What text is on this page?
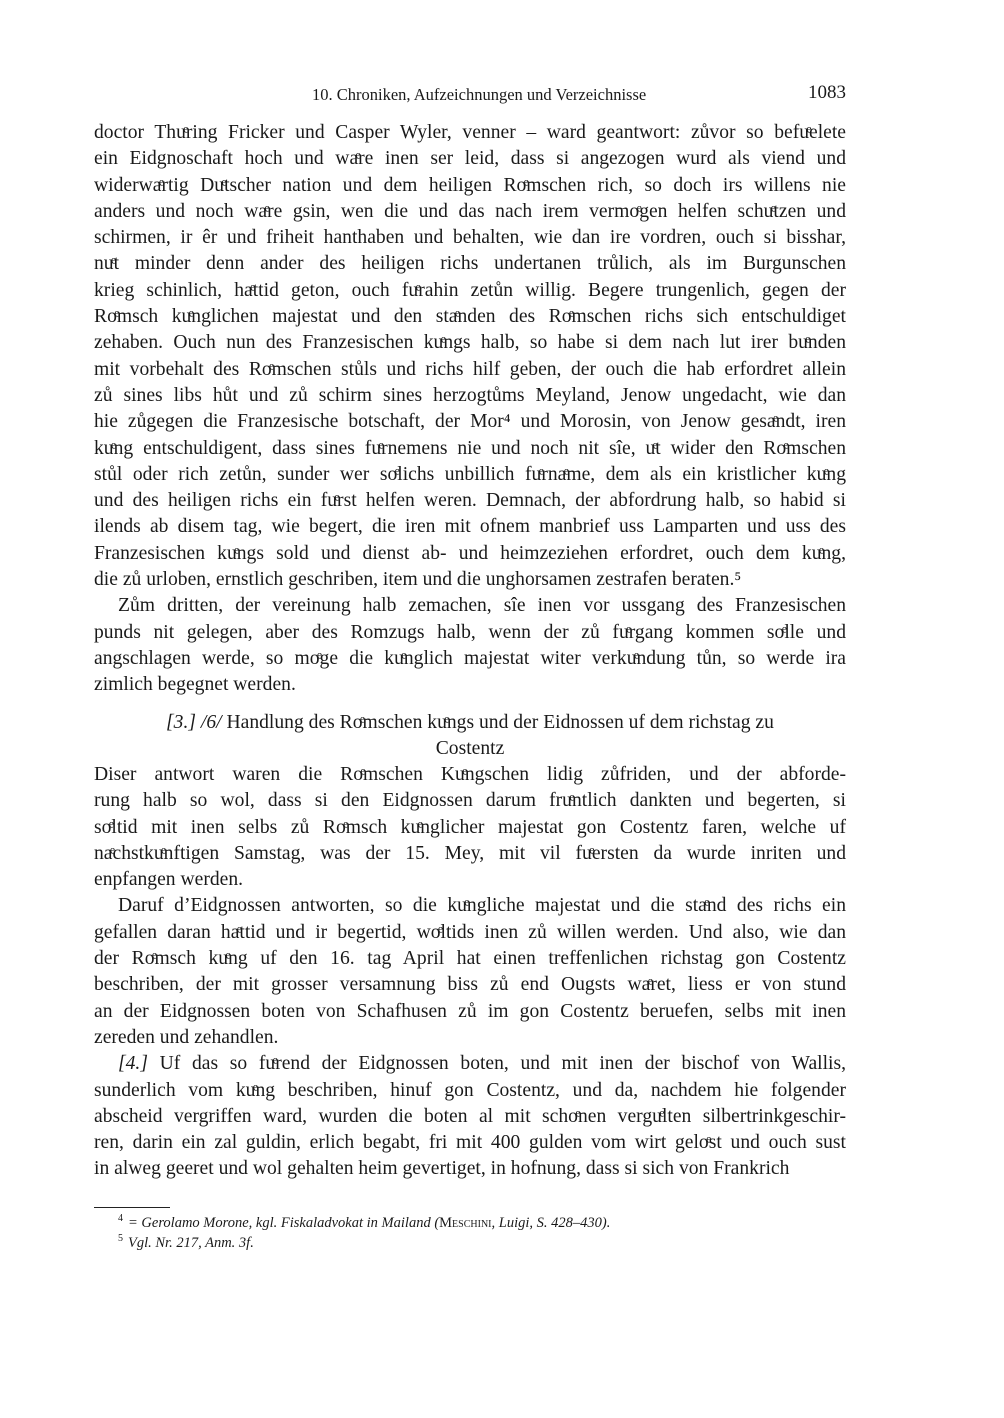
10. Chroniken, Aufzeichnungen und Verzeichnisse	1083
doctor Thuͤring Fricker und Casper Wyler, venner – ward geantwort: zůvor so befuͤelete
ein Eidgnoschaft hoch und waͤre inen ser leid, dass si angezogen wurd als viend und
widerwaͤrtig Duͤtscher nation und dem heiligen Roͤmschen rich, so doch irs willens nie
anders und noch waͤre gsin, wen die und das nach irem vermoͤgen helfen schuͤtzen und
schirmen, ir êr und friheit hanthaben und behalten, wie dan ire vordren, ouch si bisshar,
nuͤt minder denn ander des heiligen richs undertanen trůlich, als im Burgunschen
krieg schinlich, haͤttid geton, ouch fuͤrahin zetůn willig. Begere trungenlich, gegen der
Roͤmsch kuͤnglichen majestat und den staͤnden des Roͤmschen richs sich entschuldiget
zehaben. Ouch nun des Franzesischen kuͤngs halb, so habe si dem nach lut irer buͤnden
mit vorbehalt des Roͤmschen stůls und richs hilf geben, der ouch die hab erfordret allein
zů sines libs hůt und zů schirm sines herzogtůms Meyland, Jenow ungedacht, wie dan
hie zůgegen die Franzesische botschaft, der Mor⁴ und Morosin, von Jenow gesaͤndt, iren
kuͤng entschuldigent, dass sines fuͤrnemens nie und noch nit sîe, uͤt wider den Roͤmschen
stůl oder rich zetůn, sunder wer soͤlichs unbillich fuͤrnaͤme, dem als ein kristlicher kuͤng
und des heiligen richs ein fuͤrst helfen weren. Demnach, der abfordrung halb, so habid si
ilends ab disem tag, wie begert, die iren mit ofnem manbrief uss Lamparten und uss des
Franzesischen kuͤngs sold und dienst ab- und heimzeziehen erfordret, ouch dem kuͤng,
die zů urloben, ernstlich geschriben, item und die unghorsamen zestrafen beraten.⁵
Zům dritten, der vereinung halb zemachen, sîe inen vor ussgang des Franzesischen
punds nit gelegen, aber des Romzugs halb, wenn der zů fuͤrgang kommen soͤlle und
angschlagen werde, so moͤge die kuͤnglich majestat witer verkuͤndung tůn, so werde ira
zimlich begegnet werden.
[3.] /6/ Handlung des Roͤmschen kuͤngs und der Eidnossen uf dem richstag zu
Costentz
Diser antwort waren die Roͤmschen Kuͤngschen lidig zůfriden, und der abforde-
rung halb so wol, dass si den Eidgnossen darum fruͤntlich dankten und begerten, si
soͤltid mit inen selbs zů Roͤmsch kuͤnglicher majestat gon Costentz faren, welche uf
naͤchstkuͤnftigen Samstag, was der 15. Mey, mit vil fuͤersten da wurde inriten und
enpfangen werden.
Daruf d’Eidgnossen antworten, so die kuͤngliche majestat und die staͤnd des richs ein
gefallen daran haͤttid und ir begertid, woͤltids inen zů willen werden. Und also, wie dan
der Roͤmsch kuͤng uf den 16. tag April hat einen treffenlichen richstag gon Costentz
beschriben, der mit grosser versamnung biss zů end Ougsts waͤret, liess er von stund
an der Eidgnossen boten von Schafhusen zů im gon Costentz beruefen, selbs mit inen
zereden und zehandlen.
[4.] Uf das so fuͤrend der Eidgnossen boten, und mit inen der bischof von Wallis,
sunderlich vom kuͤng beschriben, hinuf gon Costentz, und da, nachdem hie folgender
abscheid vergriffen ward, wurden die boten al mit schoͤnen verguͤlten silbertrinkgeschir-
ren, darin ein zal guldin, erlich begabt, fri mit 400 gulden vom wirt geloͤst und ouch sust
in alweg geeret und wol gehalten heim gevertiget, in hofnung, dass si sich von Frankrich
$^4$ = Gerolamo Morone, kgl. Fiskaladvokat in Mailand (Meschini, Luigi, S. 428–430).
$^5$ Vgl. Nr. 217, Anm. 3f.
